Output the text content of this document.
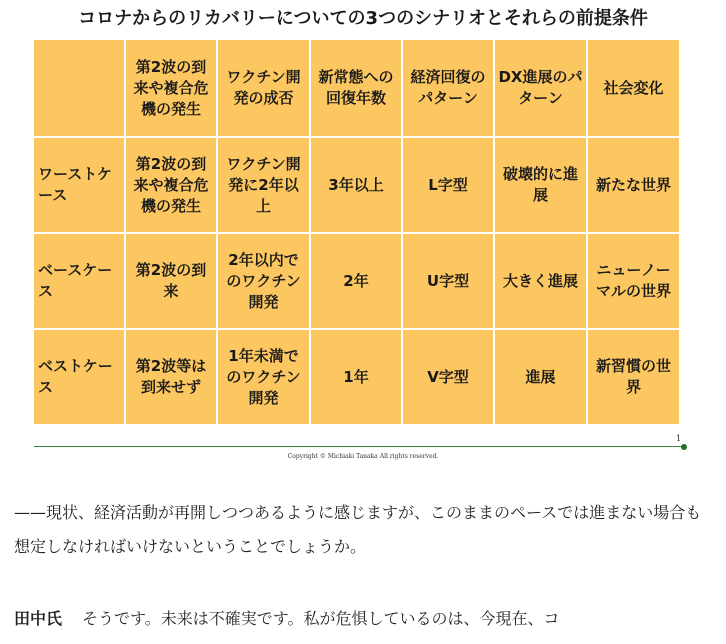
コロナからのリカバリーについての3つのシナリオとそれらの前提条件
	第2波の到来や複合危機の発生	ワクチン開発の成否	新常態への回復年数	経済回復のパターン	DX進展のパターン	社会変化
ワーストケース	第2波の到来や複合危機の発生	ワクチン開発に2年以上	3年以上	L字型	破壊的に進展	新たな世界
ベースケース	第2波の到来	2年以内でのワクチン開発	2年	U字型	大きく進展	ニューノーマルの世界
ベストケース	第2波等は到来せず	1年未満でのワクチン開発	1年	V字型	進展	新習慣の世界
1
Copyright © Michiaki Tanaka All rights reserved.
——現状、経済活動が再開しつつあるように感じますが、このままのペースでは進まない場合も想定しなければいけないということでしょうか。
田中氏 そうです。未来は不確実です。私が危惧しているのは、今現在、コ
